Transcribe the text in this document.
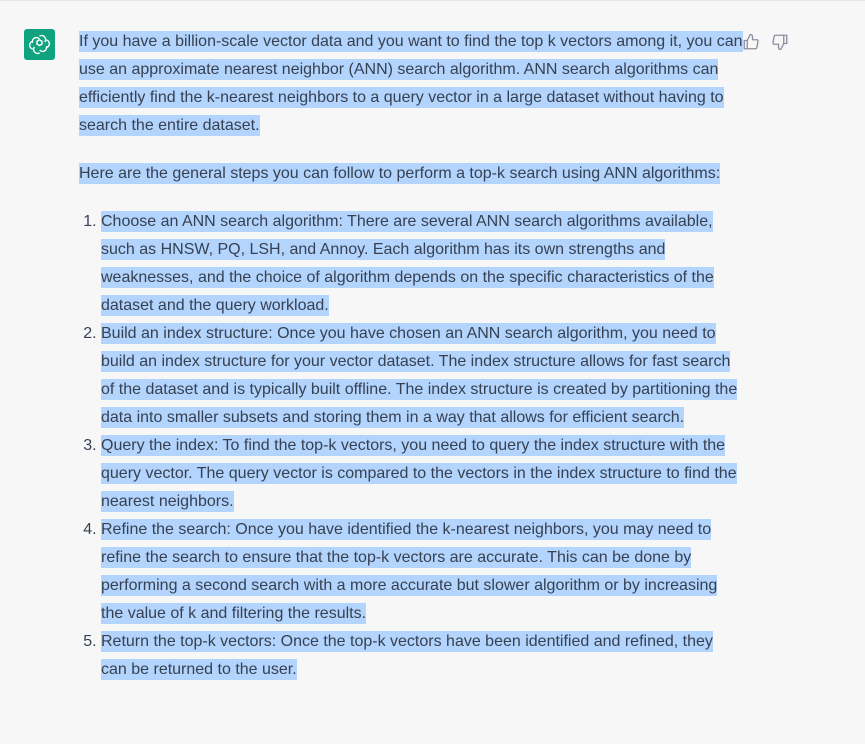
If you have a billion-scale vector data and you want to find the top k vectors among it, you can use an approximate nearest neighbor (ANN) search algorithm. ANN search algorithms can efficiently find the k-nearest neighbors to a query vector in a large dataset without having to search the entire dataset.

Here are the general steps you can follow to perform a top-k search using ANN algorithms:

1. Choose an ANN search algorithm: There are several ANN search algorithms available, such as HNSW, PQ, LSH, and Annoy. Each algorithm has its own strengths and weaknesses, and the choice of algorithm depends on the specific characteristics of the dataset and the query workload.
2. Build an index structure: Once you have chosen an ANN search algorithm, you need to build an index structure for your vector dataset. The index structure allows for fast search of the dataset and is typically built offline. The index structure is created by partitioning the data into smaller subsets and storing them in a way that allows for efficient search.
3. Query the index: To find the top-k vectors, you need to query the index structure with the query vector. The query vector is compared to the vectors in the index structure to find the nearest neighbors.
4. Refine the search: Once you have identified the k-nearest neighbors, you may need to refine the search to ensure that the top-k vectors are accurate. This can be done by performing a second search with a more accurate but slower algorithm or by increasing the value of k and filtering the results.
5. Return the top-k vectors: Once the top-k vectors have been identified and refined, they can be returned to the user.
